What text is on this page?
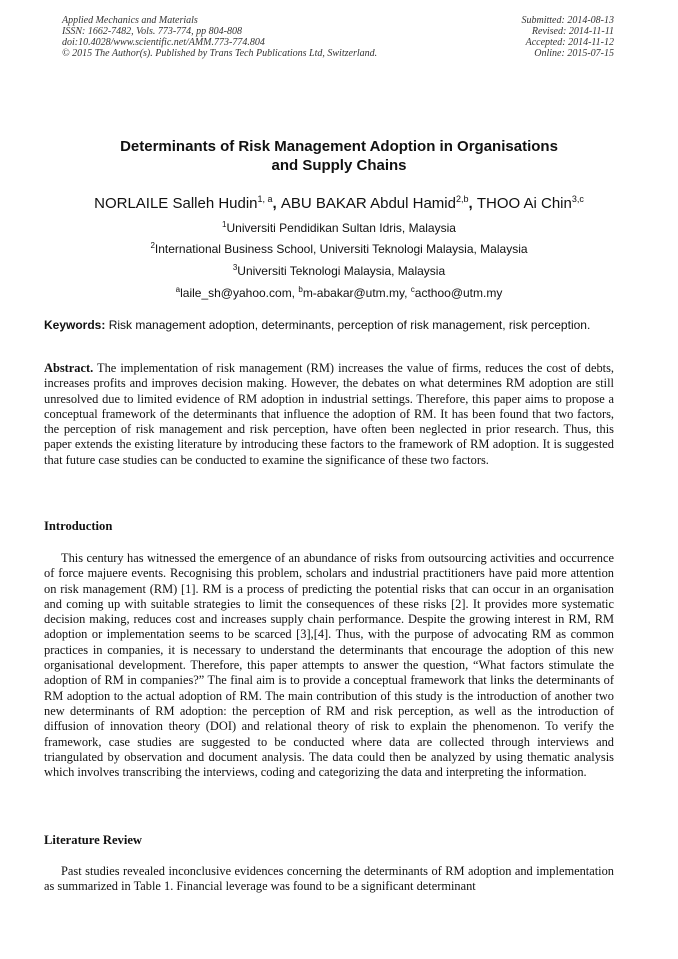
Applied Mechanics and Materials
ISSN: 1662-7482, Vols. 773-774, pp 804-808
doi:10.4028/www.scientific.net/AMM.773-774.804
© 2015 The Author(s). Published by Trans Tech Publications Ltd, Switzerland.
Submitted: 2014-08-13
Revised: 2014-11-11
Accepted: 2014-11-12
Online: 2015-07-15
Determinants of Risk Management Adoption in Organisations
and Supply Chains
NORLAILE Salleh Hudin$^{1, a}$, ABU BAKAR Abdul Hamid$^{2,b}$, THOO Ai Chin$^{3,c}$
$^1$Universiti Pendidikan Sultan Idris, Malaysia
$^2$International Business School, Universiti Teknologi Malaysia, Malaysia
$^3$Universiti Teknologi Malaysia, Malaysia
$^a$laile_sh@yahoo.com, $^b$m-abakar@utm.my, $^c$acthoo@utm.my
Keywords: Risk management adoption, determinants, perception of risk management, risk perception.
Abstract. The implementation of risk management (RM) increases the value of firms, reduces the cost of debts, increases profits and improves decision making. However, the debates on what determines RM adoption are still unresolved due to limited evidence of RM adoption in industrial settings. Therefore, this paper aims to propose a conceptual framework of the determinants that influence the adoption of RM. It has been found that two factors, the perception of risk management and risk perception, have often been neglected in prior research. Thus, this paper extends the existing literature by introducing these factors to the framework of RM adoption. It is suggested that future case studies can be conducted to examine the significance of these two factors.
Introduction
This century has witnessed the emergence of an abundance of risks from outsourcing activities and occurrence of force majuere events. Recognising this problem, scholars and industrial practitioners have paid more attention on risk management (RM) [1]. RM is a process of predicting the potential risks that can occur in an organisation and coming up with suitable strategies to limit the consequences of these risks [2]. It provides more systematic decision making, reduces cost and increases supply chain performance. Despite the growing interest in RM, RM adoption or implementation seems to be scarced [3],[4]. Thus, with the purpose of advocating RM as common practices in companies, it is necessary to understand the determinants that encourage the adoption of this new organisational development. Therefore, this paper attempts to answer the question, “What factors stimulate the adoption of RM in companies?” The final aim is to provide a conceptual framework that links the determinants of RM adoption to the actual adoption of RM. The main contribution of this study is the introduction of another two new determinants of RM adoption: the perception of RM and risk perception, as well as the introduction of diffusion of innovation theory (DOI) and relational theory of risk to explain the phenomenon. To verify the framework, case studies are suggested to be conducted where data are collected through interviews and triangulated by observation and document analysis. The data could then be analyzed by using thematic analysis which involves transcribing the interviews, coding and categorizing the data and interpreting the information.
Literature Review
Past studies revealed inconclusive evidences concerning the determinants of RM adoption and implementation as summarized in Table 1. Financial leverage was found to be a significant determinant
